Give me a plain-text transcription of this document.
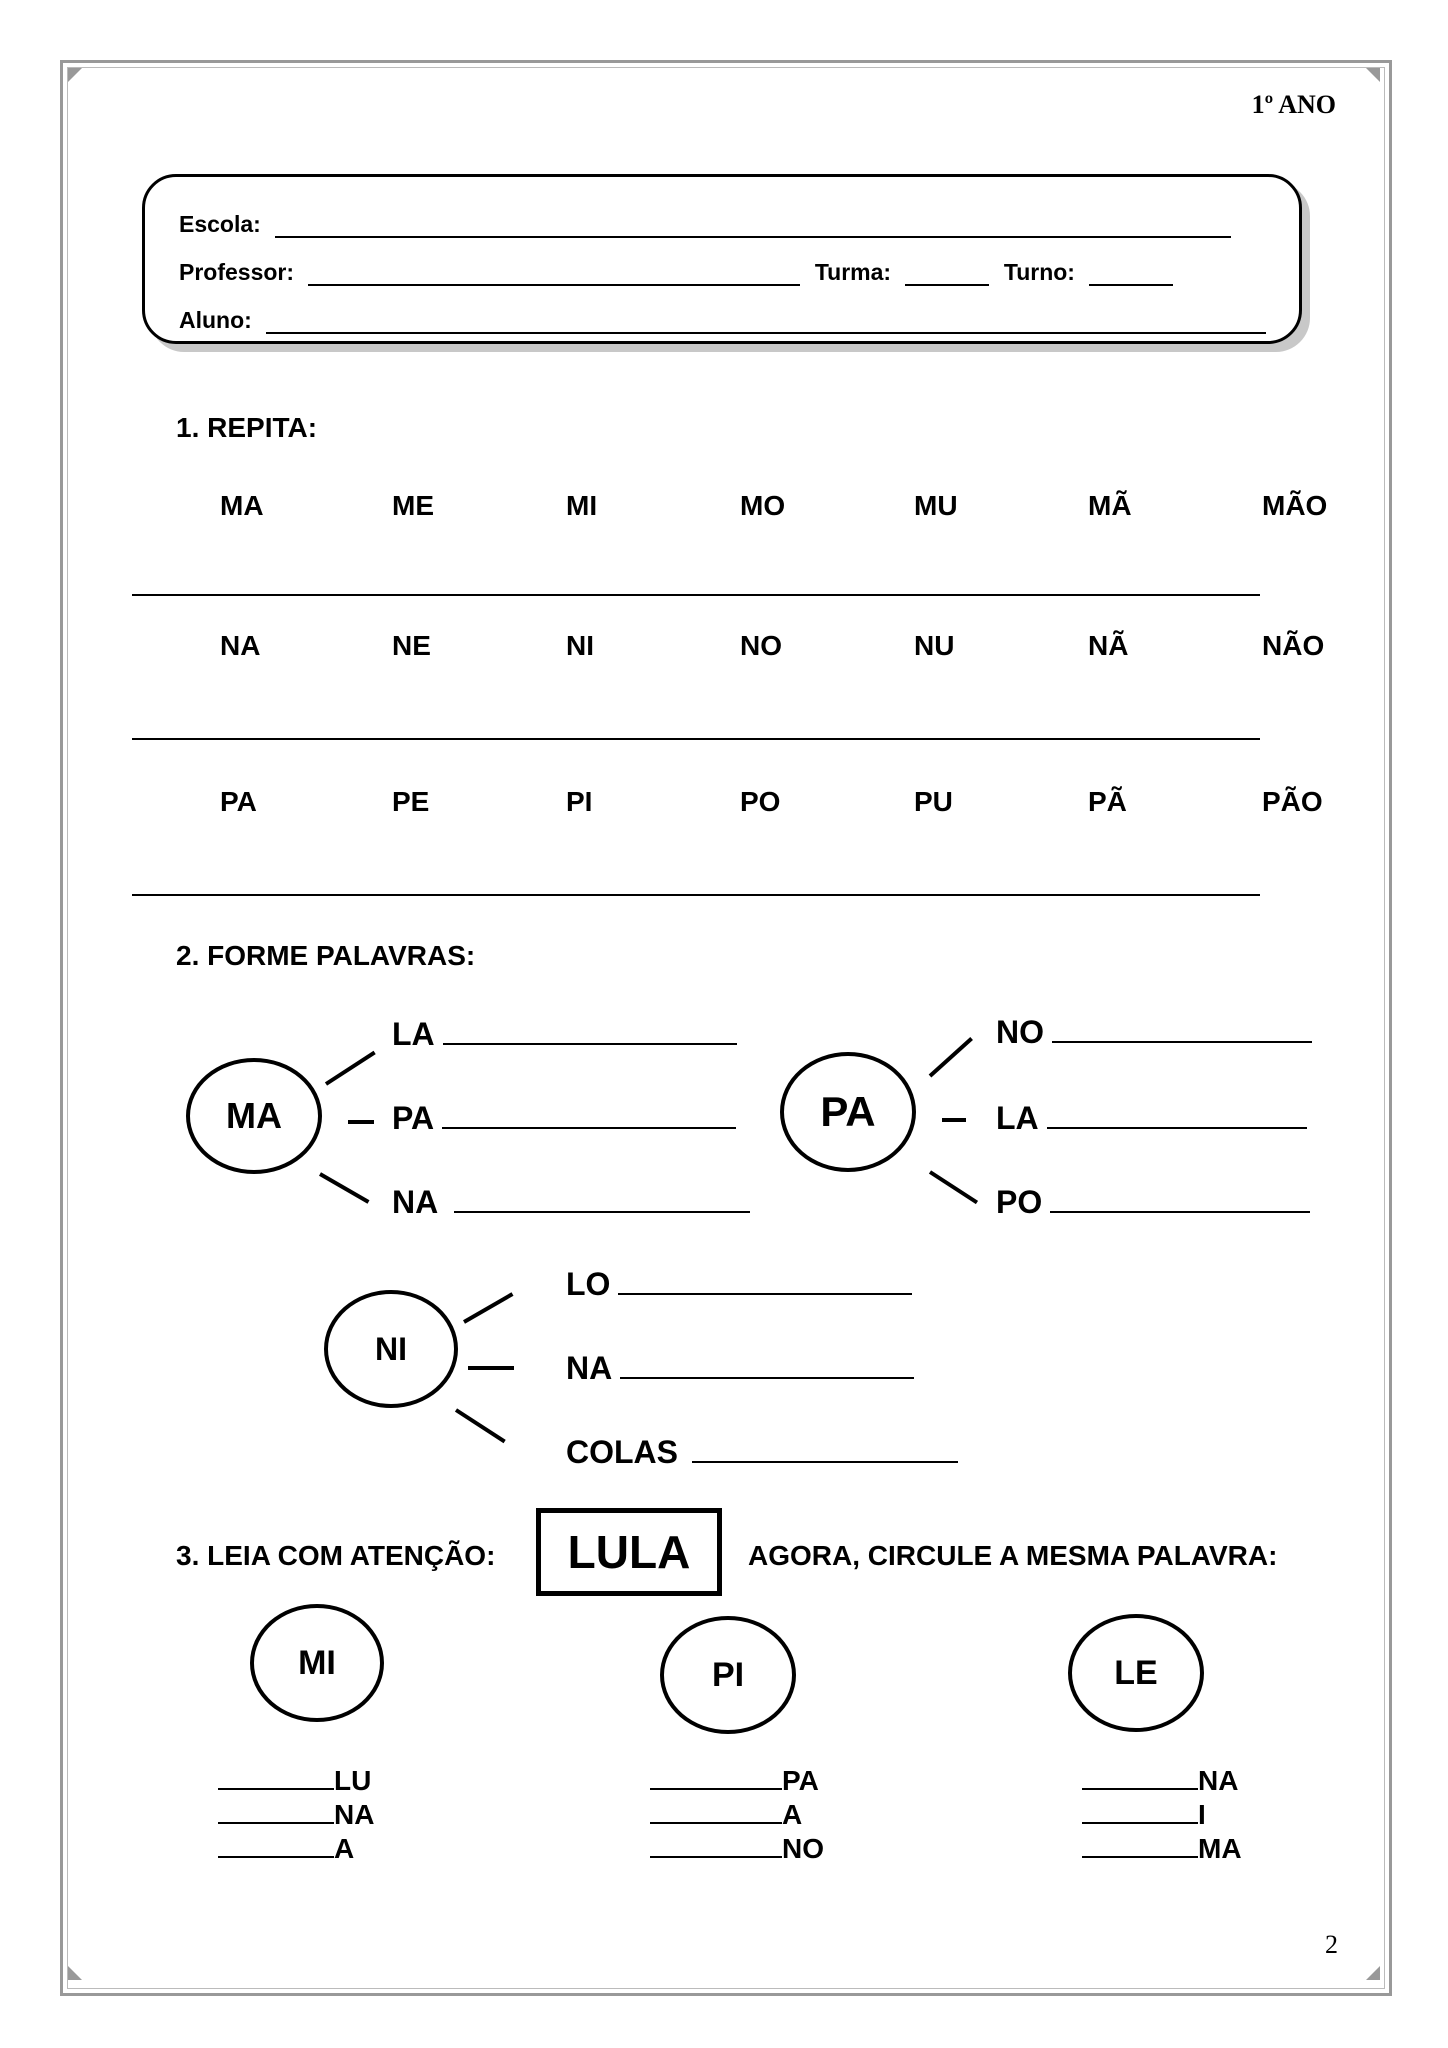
1º ANO
Escola:
Professor:	Turma:	Turno:
Aluno:
1. REPITA:
MA	ME	MI	MO	MU	MÃ	MÃO
NA	NE	NI	NO	NU	NÃ	NÃO
PA	PE	PI	PO	PU	PÃ	PÃO
2. FORME PALAVRAS:
MA
LA
PA
NA
PA
NO
LA
PO
NI
LO
NA
COLAS
3. LEIA COM ATENÇÃO:	LULA	AGORA, CIRCULE A MESMA PALAVRA:
MI	PI	LE
LU
NA
A
PA
A
NO
NA
I
MA
2
